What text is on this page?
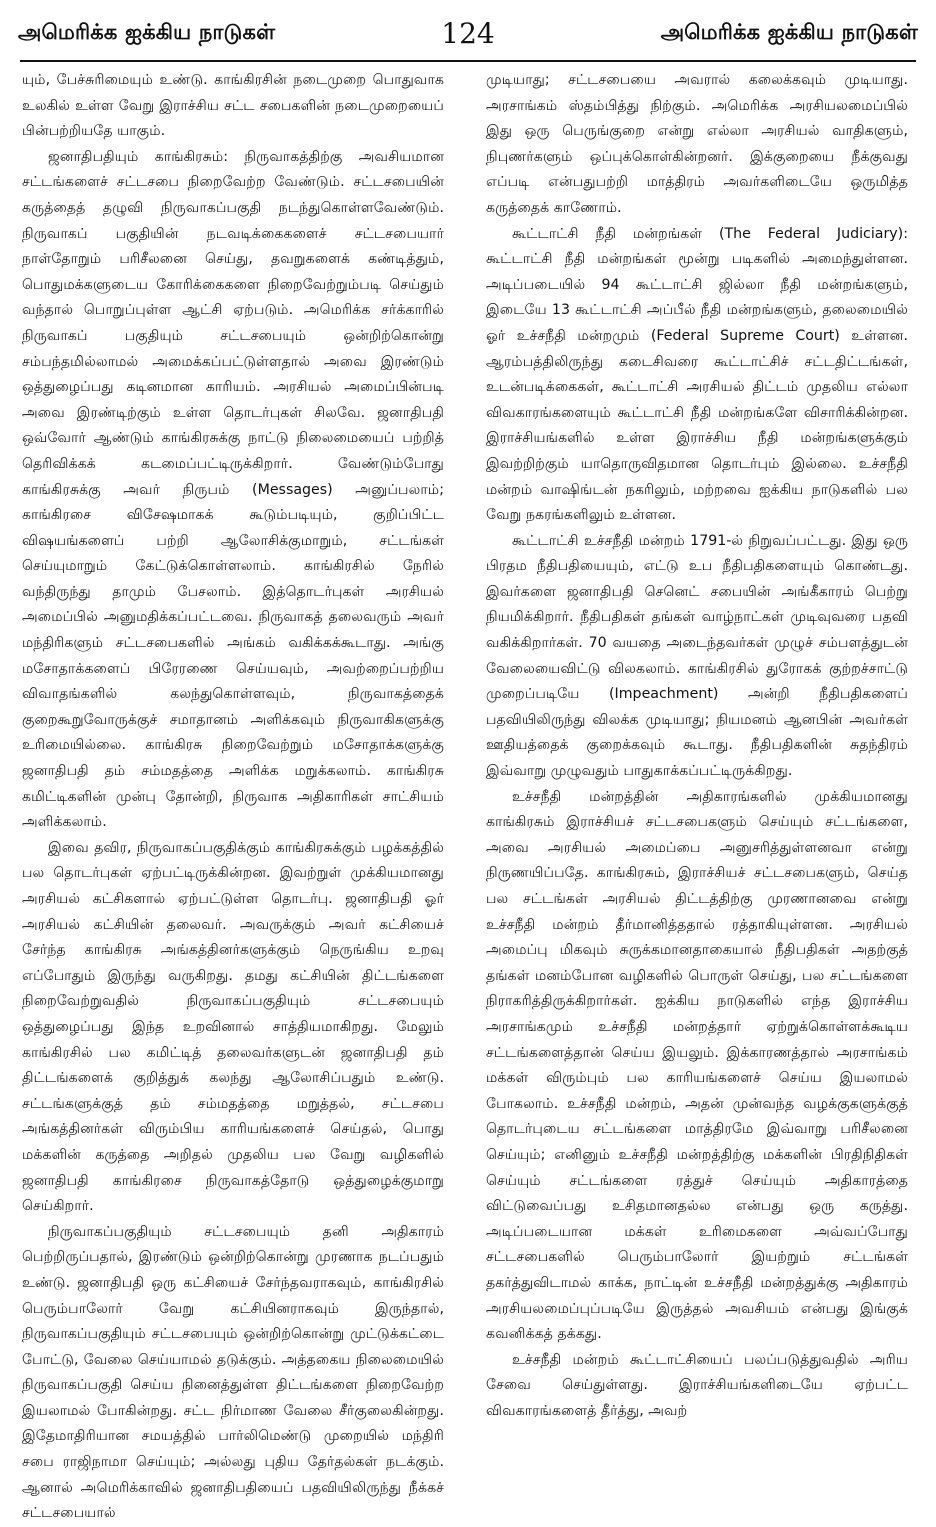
அமெரிக்க ஐக்கிய நாடுகள்	124	அமெரிக்க ஐக்கிய நாடுகள்

யும், பேச்சுரிமையும் உண்டு. காங்கிரசின் நடைமுறை பொதுவாக உலகில் உள்ள வேறு இராச்சிய சட்ட சபைகளின் நடைமுறையைப் பின்பற்றியதே யாகும்.

ஜனாதிபதியும் காங்கிரசும்: நிருவாகத்திற்கு அவசியமான சட்டங்களைச் சட்டசபை நிறைவேற்ற வேண்டும். சட்டசபையின் கருத்தைத் தழுவி நிருவாகப்பகுதி நடந்துகொள்ளவேண்டும். நிருவாகப் பகுதியின் நடவடிக்கைகளைச் சட்டசபையார் நாள்தோறும் பரிசீலனை செய்து, தவறுகளைக் கண்டித்தும், பொதுமக்களுடைய கோரிக்கைகளை நிறைவேற்றும்படி செய்தும் வந்தால் பொறுப்புள்ள ஆட்சி ஏற்படும். அமெரிக்க சர்க்காரில் நிருவாகப் பகுதியும் சட்டசபையும் ஒன்றிற்கொன்று சம்பந்தமில்லாமல் அமைக்கப்பட்டுள்ளதால் அவை இரண்டும் ஒத்துழைப்பது கடினமான காரியம். அரசியல் அமைப்பின்படி அவை இரண்டிற்கும் உள்ள தொடர்புகள் சிலவே. ஜனாதிபதி ஒவ்வோர் ஆண்டும் காங்கிரசுக்கு நாட்டு நிலைமையைப் பற்றித் தெரிவிக்கக் கடமைப்பட்டிருக்கிறார். வேண்டும்போது காங்கிரசுக்கு அவர் நிருபம் (Messages) அனுப்பலாம்; காங்கிரசை விசேஷமாகக் கூடும்படியும், குறிப்பிட்ட விஷயங்களைப் பற்றி ஆலோசிக்குமாறும், சட்டங்கள் செய்யுமாறும் கேட்டுக்கொள்ளலாம். காங்கிரசில் நேரில் வந்திருந்து தாமும் பேசலாம். இத்தொடர்புகள் அரசியல் அமைப்பில் அனுமதிக்கப்பட்டவை. நிருவாகத் தலைவரும் அவர் மந்திரிகளும் சட்டசபைகளில் அங்கம் வகிக்கக்கூடாது. அங்கு மசோதாக்களைப் பிரேரணை செய்யவும், அவற்றைப்பற்றிய விவாதங்களில் கலந்துகொள்ளவும், நிருவாகத்தைக் குறைகூறுவோருக்குச் சமாதானம் அளிக்கவும் நிருவாகிகளுக்கு உரிமையில்லை. காங்கிரசு நிறைவேற்றும் மசோதாக்களுக்கு ஜனாதிபதி தம் சம்மதத்தை அளிக்க மறுக்கலாம். காங்கிரசு கமிட்டிகளின் முன்பு தோன்றி, நிருவாக அதிகாரிகள் சாட்சியம் அளிக்கலாம்.

இவை தவிர, நிருவாகப்பகுதிக்கும் காங்கிரசுக்கும் பழக்கத்தில் பல தொடர்புகள் ஏற்பட்டிருக்கின்றன. இவற்றுள் முக்கியமானது அரசியல் கட்சிகளால் ஏற்பட்டுள்ள தொடர்பு. ஜனாதிபதி ஓர் அரசியல் கட்சியின் தலைவர். அவருக்கும் அவர் கட்சியைச் சேர்ந்த காங்கிரசு அங்கத்தினர்களுக்கும் நெருங்கிய உறவு எப்போதும் இருந்து வருகிறது. தமது கட்சியின் திட்டங்களை நிறைவேற்றுவதில் நிருவாகப்பகுதியும் சட்டசபையும் ஒத்துழைப்பது இந்த உறவினால் சாத்தியமாகிறது. மேலும் காங்கிரசில் பல கமிட்டித் தலைவர்களுடன் ஜனாதிபதி தம் திட்டங்களைக் குறித்துக் கலந்து ஆலோசிப்பதும் உண்டு. சட்டங்களுக்குத் தம் சம்மதத்தை மறுத்தல், சட்டசபை அங்கத்தினர்கள் விரும்பிய காரியங்களைச் செய்தல், பொது மக்களின் கருத்தை அறிதல் முதலிய பல வேறு வழிகளில் ஜனாதிபதி காங்கிரசை நிருவாகத்தோடு ஒத்துழைக்குமாறு செய்கிறார்.

நிருவாகப்பகுதியும் சட்டசபையும் தனி அதிகாரம் பெற்றிருப்பதால், இரண்டும் ஒன்றிற்கொன்று முரணாக நடப்பதும் உண்டு. ஜனாதிபதி ஒரு கட்சியைச் சேர்ந்தவராகவும், காங்கிரசில் பெரும்பாலோர் வேறு கட்சியினராகவும் இருந்தால், நிருவாகப்பகுதியும் சட்டசபையும் ஒன்றிற்கொன்று முட்டுக்கட்டை போட்டு, வேலை செய்யாமல் தடுக்கும். அத்தகைய நிலைமையில் நிருவாகப்பகுதி செய்ய நினைத்துள்ள திட்டங்களை நிறைவேற்ற இயலாமல் போகின்றது. சட்ட நிர்மாண வேலை சீர்குலைகின்றது. இதேமாதிரியான சமயத்தில் பார்லிமெண்டு முறையில் மந்திரி சபை ராஜிநாமா செய்யும்; அல்லது புதிய தேர்தல்கள் நடக்கும். ஆனால் அமெரிக்காவில் ஜனாதிபதியைப் பதவியிலிருந்து நீக்கச் சட்டசபையால்

முடியாது; சட்டசபையை அவரால் கலைக்கவும் முடியாது. அரசாங்கம் ஸ்தம்பித்து நிற்கும். அமெரிக்க அரசியலமைப்பில் இது ஒரு பெருங்குறை என்று எல்லா அரசியல் வாதிகளும், நிபுணர்களும் ஒப்புக்கொள்கின்றனர். இக்குறையை நீக்குவது எப்படி என்பதுபற்றி மாத்திரம் அவர்களிடையே ஒருமித்த கருத்தைக் காணோம்.

கூட்டாட்சி நீதி மன்றங்கள் (The Federal Judiciary): கூட்டாட்சி நீதி மன்றங்கள் மூன்று படிகளில் அமைந்துள்ளன. அடிப்படையில் 94 கூட்டாட்சி ஜில்லா நீதி மன்றங்களும், இடையே 13 கூட்டாட்சி அப்பீல் நீதி மன்றங்களும், தலைமையில் ஓர் உச்சநீதி மன்றமும் (Federal Supreme Court) உள்ளன. ஆரம்பத்திலிருந்து கடைசிவரை கூட்டாட்சிச் சட்டதிட்டங்கள், உடன்படிக்கைகள், கூட்டாட்சி அரசியல் திட்டம் முதலிய எல்லா விவகாரங்களையும் கூட்டாட்சி நீதி மன்றங்களே விசாரிக்கின்றன. இராச்சியங்களில் உள்ள இராச்சிய நீதி மன்றங்களுக்கும் இவற்றிற்கும் யாதொருவிதமான தொடர்பும் இல்லை. உச்சநீதி மன்றம் வாஷிங்டன் நகரிலும், மற்றவை ஐக்கிய நாடுகளில் பல வேறு நகரங்களிலும் உள்ளன.

கூட்டாட்சி உச்சநீதி மன்றம் 1791-ல் நிறுவப்பட்டது. இது ஒரு பிரதம நீதிபதியையும், எட்டு உப நீதிபதிகளையும் கொண்டது. இவர்களை ஜனாதிபதி செனெட் சபையின் அங்கீகாரம் பெற்று நியமிக்கிறார். நீதிபதிகள் தங்கள் வாழ்நாட்கள் முடிவுவரை பதவி வகிக்கிறார்கள். 70 வயதை அடைந்தவர்கள் முழுச் சம்பளத்துடன் வேலையைவிட்டு விலகலாம். காங்கிரசில் துரோகக் குற்றச்சாட்டு முறைப்படியே (Impeachment) அன்றி நீதிபதிகளைப் பதவியிலிருந்து விலக்க முடியாது; நியமனம் ஆனபின் அவர்கள் ஊதியத்தைக் குறைக்கவும் கூடாது. நீதிபதிகளின் சுதந்திரம் இவ்வாறு முழுவதும் பாதுகாக்கப்பட்டிருக்கிறது.

உச்சநீதி மன்றத்தின் அதிகாரங்களில் முக்கியமானது காங்கிரசும் இராச்சியச் சட்டசபைகளும் செய்யும் சட்டங்களை, அவை அரசியல் அமைப்பை அனுசரித்துள்ளனவா என்று நிருணயிப்பதே. காங்கிரசும், இராச்சியச் சட்டசபைகளும், செய்த பல சட்டங்கள் அரசியல் திட்டத்திற்கு முரணானவை என்று உச்சநீதி மன்றம் தீர்மானித்ததால் ரத்தாகியுள்ளன. அரசியல் அமைப்பு மிகவும் சுருக்கமானதாகையால் நீதிபதிகள் அதற்குத் தங்கள் மனம்போன வழிகளில் பொருள் செய்து, பல சட்டங்களை நிராகரித்திருக்கிறார்கள். ஐக்கிய நாடுகளில் எந்த இராச்சிய அரசாங்கமும் உச்சநீதி மன்றத்தார் ஏற்றுக்கொள்ளக்கூடிய சட்டங்களைத்தான் செய்ய இயலும். இக்காரணத்தால் அரசாங்கம் மக்கள் விரும்பும் பல காரியங்களைச் செய்ய இயலாமல் போகலாம். உச்சநீதி மன்றம், அதன் முன்வந்த வழக்குகளுக்குத் தொடர்புடைய சட்டங்களை மாத்திரமே இவ்வாறு பரிசீலனை செய்யும்; எனினும் உச்சநீதி மன்றத்திற்கு மக்களின் பிரதிநிதிகள் செய்யும் சட்டங்களை ரத்துச் செய்யும் அதிகாரத்தை விட்டுவைப்பது உசிதமானதல்ல என்பது ஒரு கருத்து. அடிப்படையான மக்கள் உரிமைகளை அவ்வப்போது சட்டசபைகளில் பெரும்பாலோர் இயற்றும் சட்டங்கள் தகர்த்துவிடாமல் காக்க, நாட்டின் உச்சநீதி மன்றத்துக்கு அதிகாரம் அரசியலமைப்புப்படியே இருத்தல் அவசியம் என்பது இங்குக் கவனிக்கத் தக்கது.

உச்சநீதி மன்றம் கூட்டாட்சியைப் பலப்படுத்துவதில் அரிய சேவை செய்துள்ளது. இராச்சியங்களிடையே ஏற்பட்ட விவகாரங்களைத் தீர்த்து, அவற்
